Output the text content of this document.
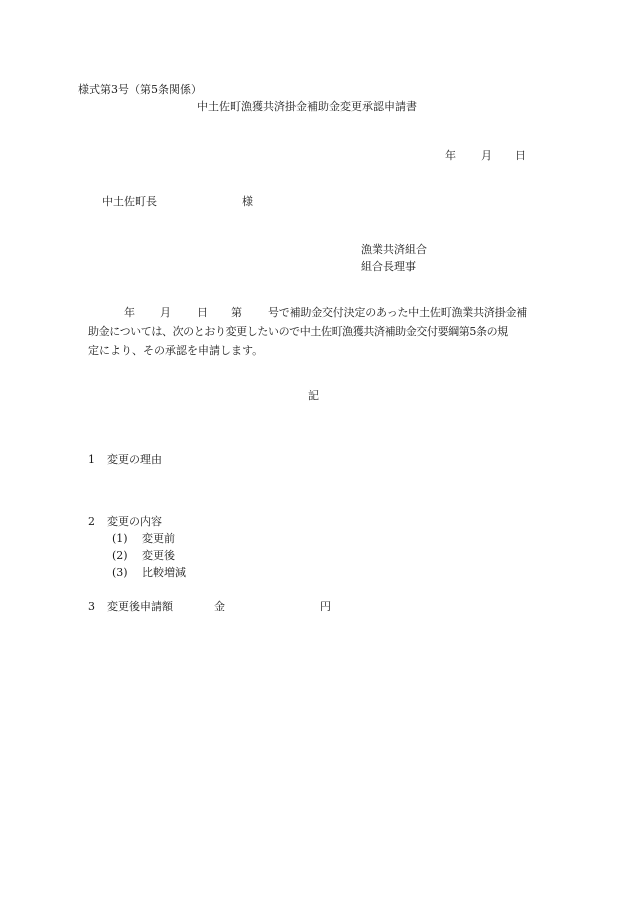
様式第3号（第5条関係）
中土佐町漁獲共済掛金補助金変更承認申請書
年 月 日
中土佐町長	様
漁業共済組合
組合長理事
年 月 日 第 号で補助金交付決定のあった中土佐町漁業共済掛金補
助金については、次のとおり変更したいので中土佐町漁獲共済補助金交付要綱第5条の規
定により、その承認を申請します。
記
1 変更の理由
2 変更の内容
(1) 変更前
(2) 変更後
(3) 比較増減
3 変更後申請額	金	円
